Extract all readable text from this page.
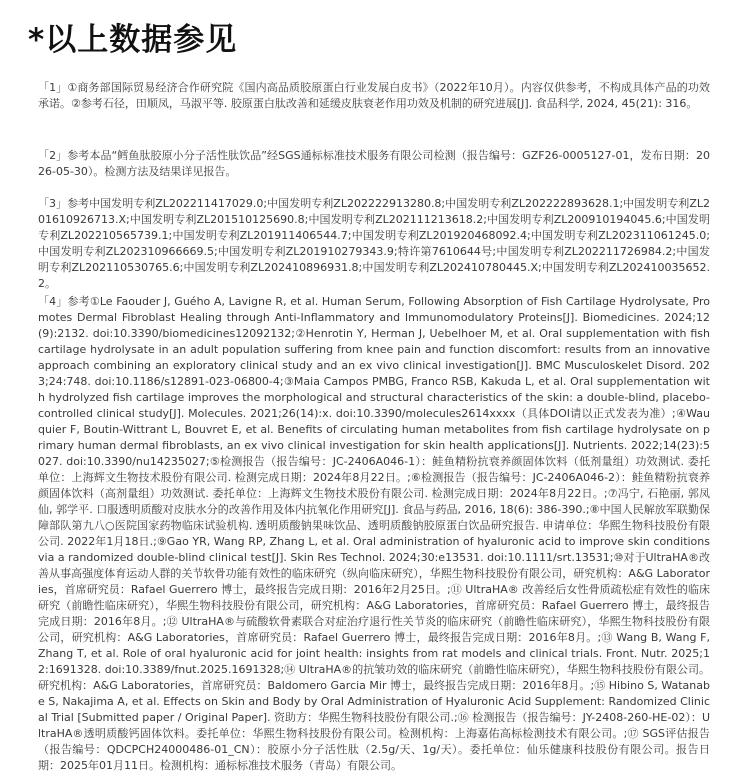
*以上数据参见

「1」①商务部国际贸易经济合作研究院《国内高品质胶原蛋白行业发展白皮书》（2022年10月）。内容仅供参考，不构成具体产品的功效承诺。②参考石径，田顺凤，马淑平等. 胶原蛋白肽改善和延缓皮肤衰老作用功效及机制的研究进展[J]. 食品科学, 2024, 45(21): 316。

「2」参考本品“鳕鱼肽胶原小分子活性肽饮品”经SGS通标标准技术服务有限公司检测（报告编号：GZF26-0005127-01，发布日期：2026-05-30）。检测方法及结果详见报告。

「3」参考中国发明专利ZL202211417029.0;中国发明专利ZL202222913280.8;中国发明专利ZL202222893628.1;中国发明专利ZL201610926713.X;中国发明专利ZL201510125690.8;中国发明专利ZL202111213618.2;中国发明专利ZL200910194045.6;中国发明专利ZL202210565739.1;中国发明专利ZL201911406544.7;中国发明专利ZL201920468092.4;中国发明专利ZL202311061245.0;中国发明专利ZL202310966669.5;中国发明专利ZL201910279343.9;特许第7610644号;中国发明专利ZL202211726984.2;中国发明专利ZL202110530765.6;中国发明专利ZL202410896931.8;中国发明专利ZL202410780445.X;中国发明专利ZL202410035652.2。

「4」参考①Le Faouder J, Guého A, Lavigne R, et al. Human Serum, Following Absorption of Fish Cartilage Hydrolysate, Promotes Dermal Fibroblast Healing through Anti-Inflammatory and Immunomodulatory Proteins[J]. Biomedicines. 2024;12(9):2132. doi:10.3390/biomedicines12092132;②Henrotin Y, Herman J, Uebelhoer M, et al. Oral supplementation with fish cartilage hydrolysate in an adult population suffering from knee pain and function discomfort: results from an innovative approach combining an exploratory clinical study and an ex vivo clinical investigation[J]. BMC Musculoskelet Disord. 2023;24:748. doi:10.1186/s12891-023-06800-4;③Maia Campos PMBG, Franco RSB, Kakuda L, et al. Oral supplementation with hydrolyzed fish cartilage improves the morphological and structural characteristics of the skin: a double-blind, placebo-controlled clinical study[J]. Molecules. 2021;26(14):x. doi:10.3390/molecules2614xxxx（具体DOI请以正式发表为准）;④Wauquier F, Boutin-Wittrant L, Bouvret E, et al. Benefits of circulating human metabolites from fish cartilage hydrolysate on primary human dermal fibroblasts, an ex vivo clinical investigation for skin health applications[J]. Nutrients. 2022;14(23):5027. doi:10.3390/nu14235027;⑤检测报告（报告编号：JC-2406A046-1）：鲑鱼精粉抗衰养颜固体饮料（低剂量组）功效测试. 委托单位：上海辉文生物技术股份有限公司. 检测完成日期：2024年8月22日。;⑥检测报告（报告编号：JC-2406A046-2）：鲑鱼精粉抗衰养颜固体饮料（高剂量组）功效测试. 委托单位：上海辉文生物技术股份有限公司. 检测完成日期：2024年8月22日。;⑦冯宁, 石艳丽, 郭凤仙, 郭学平. 口服透明质酸对皮肤水分的改善作用及体内抗氧化作用研究[J]. 食品与药品, 2016, 18(6): 386-390.;⑧中国人民解放军联勤保障部队第九八○医院国家药物临床试验机构. 透明质酸钠果味饮品、透明质酸钠胶原蛋白饮品研究报告. 申请单位：华熙生物科技股份有限公司. 2022年1月18日.;⑨Gao YR, Wang RP, Zhang L, et al. Oral administration of hyaluronic acid to improve skin conditions via a randomized double-blind clinical test[J]. Skin Res Technol. 2024;30:e13531. doi:10.1111/srt.13531;⑩对于UltraHA®改善从事高强度体育运动人群的关节软骨功能有效性的临床研究（纵向临床研究），华熙生物科技股份有限公司，研究机构：A&G Laboratories，首席研究员：Rafael Guerrero 博士，最终报告完成日期：2016年2月25日。;⑪ UltraHA® 改善经后女性骨质疏松症有效性的临床研究（前瞻性临床研究），华熙生物科技股份有限公司，研究机构：A&G Laboratories，首席研究员：Rafael Guerrero 博士，最终报告完成日期：2016年8月。;⑫ UltraHA®与硫酸软骨素联合对症治疗退行性关节炎的临床研究（前瞻性临床研究），华熙生物科技股份有限公司，研究机构：A&G Laboratories，首席研究员：Rafael Guerrero 博士，最终报告完成日期：2016年8月。;⑬ Wang B, Wang F, Zhang T, et al. Role of oral hyaluronic acid for joint health: insights from rat models and clinical trials. Front. Nutr. 2025;12:1691328. doi:10.3389/fnut.2025.1691328;⑭ UltraHA®的抗皱功效的临床研究（前瞻性临床研究），华熙生物科技股份有限公司。研究机构：A&G Laboratories，首席研究员：Baldomero Garcia Mir 博士，最终报告完成日期：2016年8月。;⑮ Hibino S, Watanabe S, Nakajima A, et al. Effects on Skin and Body by Oral Administration of Hyaluronic Acid Supplement: Randomized Clinical Trial [Submitted paper / Original Paper]. 资助方：华熙生物科技股份有限公司.;⑯ 检测报告（报告编号：JY-2408-260-HE-02）：UltraHA®透明质酸钙固体饮料。委托单位：华熙生物科技股份有限公司。检测机构：上海嘉佑高标检测技术有限公司。;⑰ SGS评估报告（报告编号：QDCPCH24000486-01_CN）：胶原小分子活性肽（2.5g/天、1g/天）。委托单位：仙乐健康科技股份有限公司。报告日期：2025年01月11日。检测机构：通标标准技术服务（青岛）有限公司。
